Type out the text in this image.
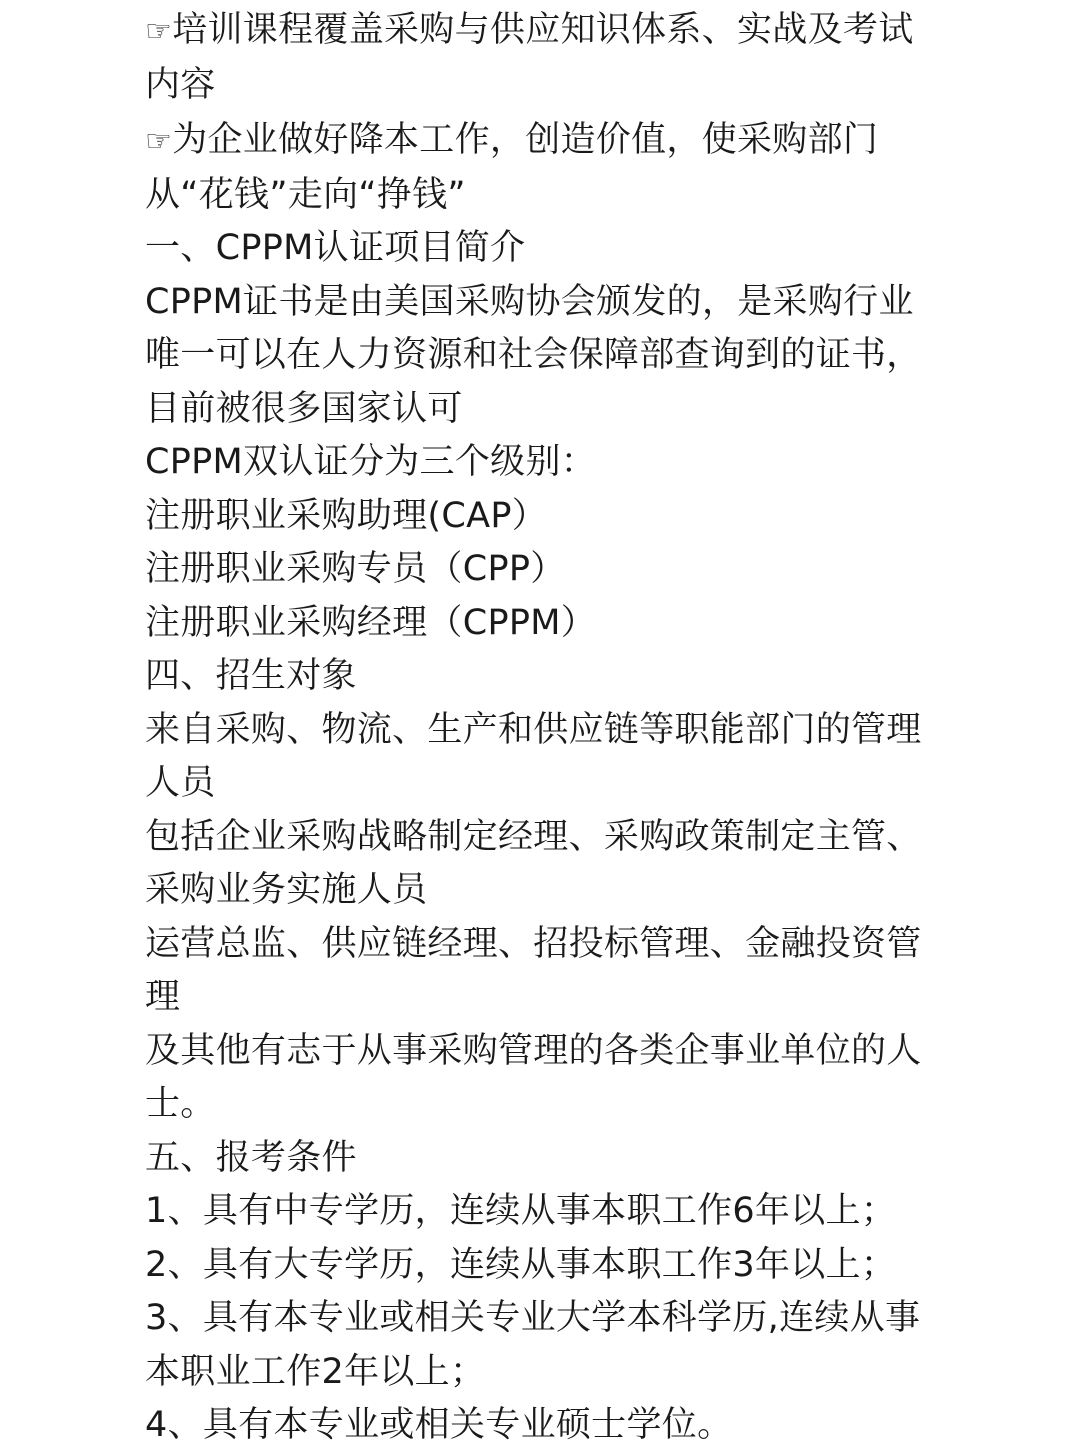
☞培训课程覆盖采购与供应知识体系、实战及考试内容

☞为企业做好降本工作，创造价值，使采购部门从“花钱”走向“挣钱”

一、CPPM认证项目简介

CPPM证书是由美国采购协会颁发的，是采购行业唯一可以在人力资源和社会保障部查询到的证书，目前被很多国家认可

CPPM双认证分为三个级别：

注册职业采购助理(CAP）

注册职业采购专员（CPP）

注册职业采购经理（CPPM）

四、招生对象

来自采购、物流、生产和供应链等职能部门的管理人员

包括企业采购战略制定经理、采购政策制定主管、采购业务实施人员

运营总监、供应链经理、招投标管理、金融投资管理

及其他有志于从事采购管理的各类企事业单位的人士。

五、报考条件

1、具有中专学历，连续从事本职工作6年以上；

2、具有大专学历，连续从事本职工作3年以上；

3、具有本专业或相关专业大学本科学历,连续从事本职业工作2年以上；

4、具有本专业或相关专业硕士学位。
